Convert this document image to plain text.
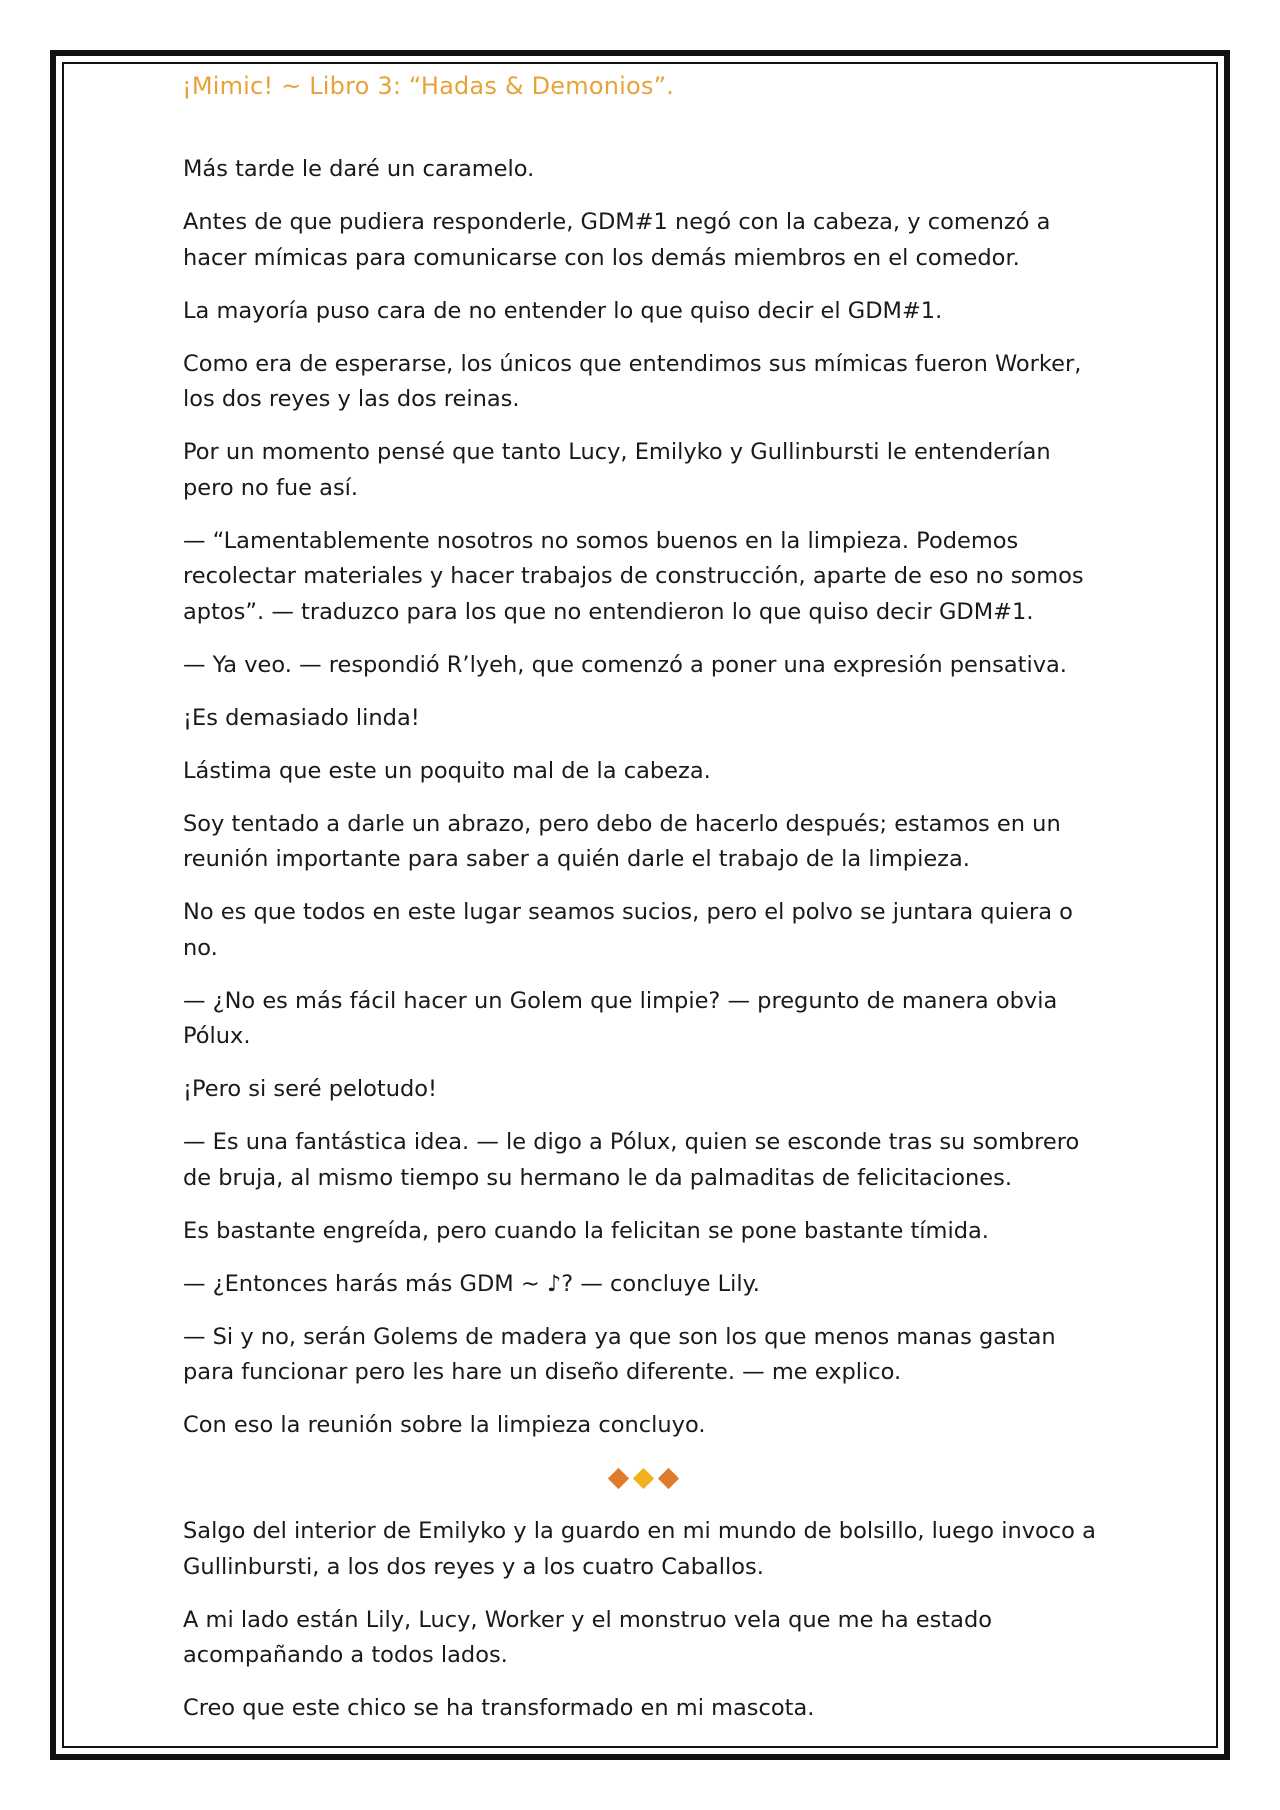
¡Mimic! ~ Libro 3: “Hadas & Demonios”.

Más tarde le daré un caramelo.

Antes de que pudiera responderle, GDM#1 negó con la cabeza, y comenzó a hacer mímicas para comunicarse con los demás miembros en el comedor.

La mayoría puso cara de no entender lo que quiso decir el GDM#1.

Como era de esperarse, los únicos que entendimos sus mímicas fueron Worker, los dos reyes y las dos reinas.

Por un momento pensé que tanto Lucy, Emilyko y Gullinbursti le entenderían pero no fue así.

— “Lamentablemente nosotros no somos buenos en la limpieza. Podemos recolectar materiales y hacer trabajos de construcción, aparte de eso no somos aptos”. — traduzco para los que no entendieron lo que quiso decir GDM#1.

— Ya veo. — respondió R’lyeh, que comenzó a poner una expresión pensativa.

¡Es demasiado linda!

Lástima que este un poquito mal de la cabeza.

Soy tentado a darle un abrazo, pero debo de hacerlo después; estamos en un reunión importante para saber a quién darle el trabajo de la limpieza.

No es que todos en este lugar seamos sucios, pero el polvo se juntara quiera o no.

— ¿No es más fácil hacer un Golem que limpie? — pregunto de manera obvia Pólux.

¡Pero si seré pelotudo!

— Es una fantástica idea. — le digo a Pólux, quien se esconde tras su sombrero de bruja, al mismo tiempo su hermano le da palmaditas de felicitaciones.

Es bastante engreída, pero cuando la felicitan se pone bastante tímida.

— ¿Entonces harás más GDM ~ ♪? — concluye Lily.

— Si y no, serán Golems de madera ya que son los que menos manas gastan para funcionar pero les hare un diseño diferente. — me explico.

Con eso la reunión sobre la limpieza concluyo.

Salgo del interior de Emilyko y la guardo en mi mundo de bolsillo, luego invoco a Gullinbursti, a los dos reyes y a los cuatro Caballos.

A mi lado están Lily, Lucy, Worker y el monstruo vela que me ha estado acompañando a todos lados.

Creo que este chico se ha transformado en mi mascota.
